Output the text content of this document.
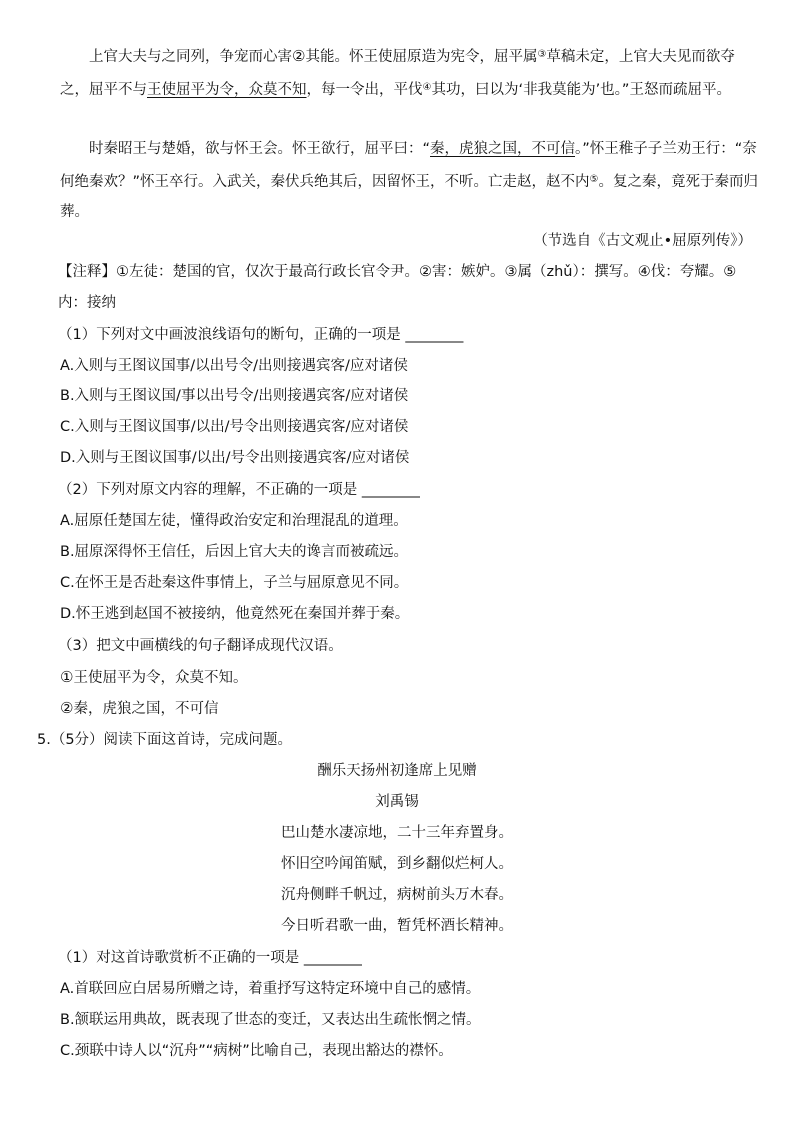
上官大夫与之同列，争宠而心害②其能。怀王使屈原造为宪令，屈平属③草稿未定，上官大夫见而欲夺之，屈平不与王使屈平为令，众莫不知，每一令出，平伐④其功，曰以为‘非我莫能为’也。”王怒而疏屈平。
时秦昭王与楚婚，欲与怀王会。怀王欲行，屈平曰：“秦，虎狼之国，不可信。”怀王稚子子兰劝王行：“奈何绝秦欢？”怀王卒行。入武关，秦伏兵绝其后，因留怀王，不听。亡走赵，赵不内⑤。复之秦，竟死于秦而归葬。
（节选自《古文观止•屈原列传》）
【注释】①左徒：楚国的官，仅次于最高行政长官令尹。②害：嫉妒。③属（zhǔ）：撰写。④伐：夸耀。⑤内：接纳
（1）下列对文中画波浪线语句的断句，正确的一项是 ________
A.入则与王图议国事/以出号令/出则接遇宾客/应对诸侯
B.入则与王图议国/事以出号令/出则接遇宾客/应对诸侯
C.入则与王图议国事/以出/号令出则接遇宾客/应对诸侯
D.入则与王图议国事/以出/号令出则接遇宾客/应对诸侯
（2）下列对原文内容的理解，不正确的一项是 ________
A.屈原任楚国左徒，懂得政治安定和治理混乱的道理。
B.屈原深得怀王信任，后因上官大夫的谗言而被疏远。
C.在怀王是否赴秦这件事情上，子兰与屈原意见不同。
D.怀王逃到赵国不被接纳，他竟然死在秦国并葬于秦。
（3）把文中画横线的句子翻译成现代汉语。
①王使屈平为令，众莫不知。
②秦，虎狼之国，不可信
5.（5分）阅读下面这首诗，完成问题。
酬乐天扬州初逢席上见赠
刘禹锡
巴山楚水凄凉地，二十三年弃置身。
怀旧空吟闻笛赋，到乡翻似烂柯人。
沉舟侧畔千帆过，病树前头万木春。
今日听君歌一曲，暂凭杯酒长精神。
（1）对这首诗歌赏析不正确的一项是 ________
A.首联回应白居易所赠之诗，着重抒写这特定环境中自己的感情。
B.颔联运用典故，既表现了世态的变迁，又表达出生疏怅惘之情。
C.颈联中诗人以“沉舟”“病树”比喻自己，表现出豁达的襟怀。
